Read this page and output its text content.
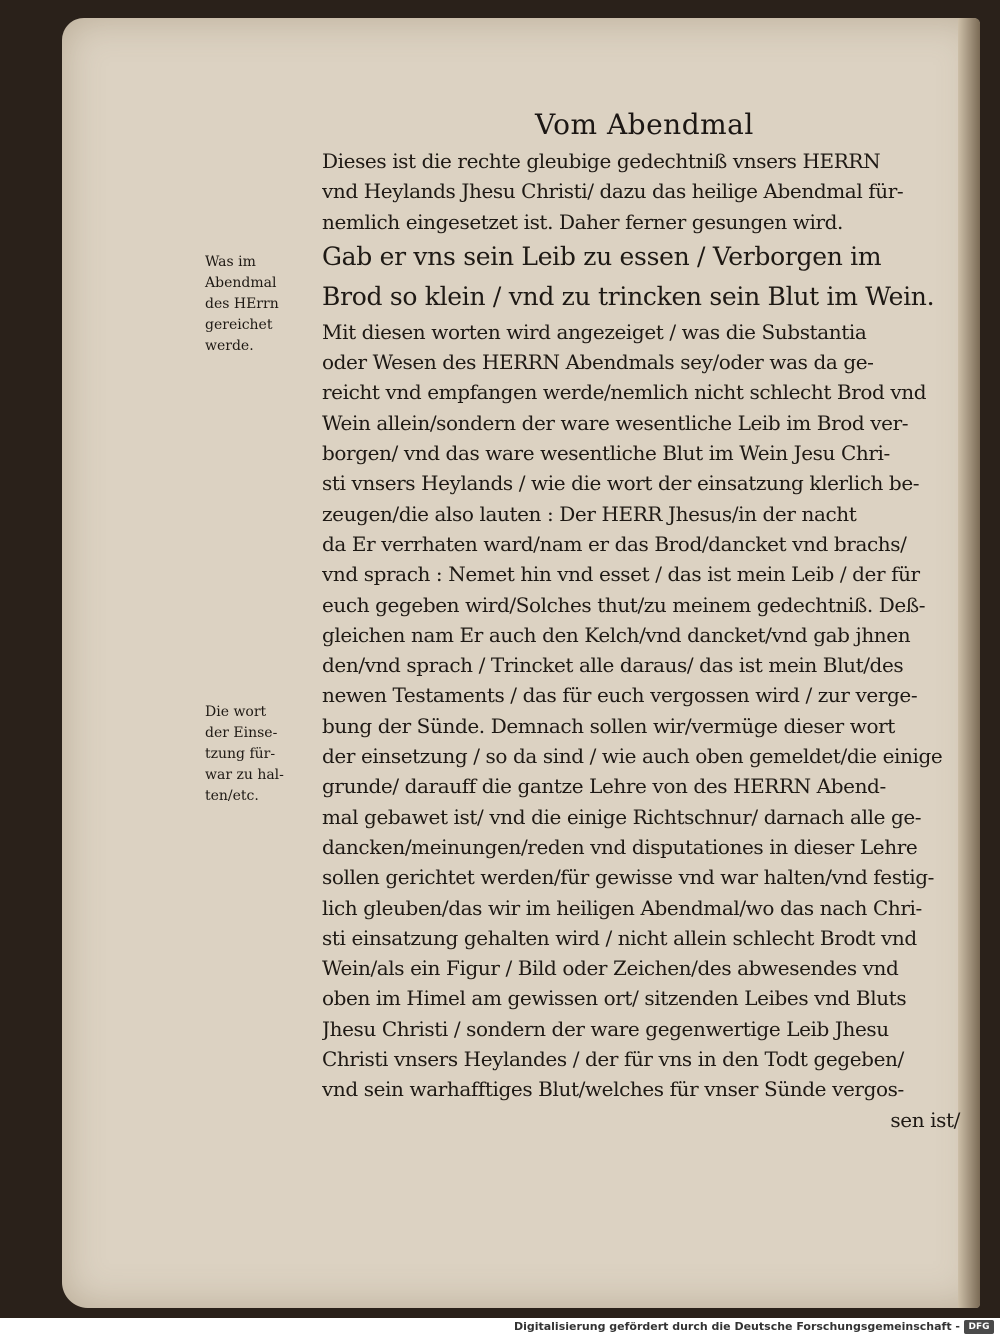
Vom Abendmal
Dieses ist die rechte gleubige gedechtniß vnsers HERRN
vnd Heylands Jhesu Christi/ dazu das heilige Abendmal für-
nemlich eingesetzet ist. Daher ferner gesungen wird.
Gab er vns sein Leib zu essen / Verborgen im
Brod so klein / vnd zu trincken sein Blut im Wein.
Mit diesen worten wird angezeiget / was die Substantia
oder Wesen des HERRN Abendmals sey/oder was da ge-
reicht vnd empfangen werde/nemlich nicht schlecht Brod vnd
Wein allein/sondern der ware wesentliche Leib im Brod ver-
borgen/ vnd das ware wesentliche Blut im Wein Jesu Chri-
sti vnsers Heylands / wie die wort der einsatzung klerlich be-
zeugen/die also lauten : Der HERR Jhesus/in der nacht
da Er verrhaten ward/nam er das Brod/dancket vnd brachs/
vnd sprach : Nemet hin vnd esset / das ist mein Leib / der für
euch gegeben wird/Solches thut/zu meinem gedechtniß. Deß-
gleichen nam Er auch den Kelch/vnd dancket/vnd gab jhnen
den/vnd sprach / Trincket alle daraus/ das ist mein Blut/des
newen Testaments / das für euch vergossen wird / zur verge-
bung der Sünde. Demnach sollen wir/vermüge dieser wort
der einsetzung / so da sind / wie auch oben gemeldet/die einige
grunde/ darauff die gantze Lehre von des HERRN Abend-
mal gebawet ist/ vnd die einige Richtschnur/ darnach alle ge-
dancken/meinungen/reden vnd disputationes in dieser Lehre
sollen gerichtet werden/für gewisse vnd war halten/vnd festig-
lich gleuben/das wir im heiligen Abendmal/wo das nach Chri-
sti einsatzung gehalten wird / nicht allein schlecht Brodt vnd
Wein/als ein Figur / Bild oder Zeichen/des abwesendes vnd
oben im Himel am gewissen ort/ sitzenden Leibes vnd Bluts
Jhesu Christi / sondern der ware gegenwertige Leib Jhesu
Christi vnsers Heylandes / der für vns in den Todt gegeben/
vnd sein warhafftiges Blut/welches für vnser Sünde vergos-
sen ist/
Was im
Abendmal
des HErrn
gereichet
werde.
Die wort
der Einse-
tzung für-
war zu hal-
ten/etc.
Digitalisierung gefördert durch die Deutsche Forschungsgemeinschaft - DFG
